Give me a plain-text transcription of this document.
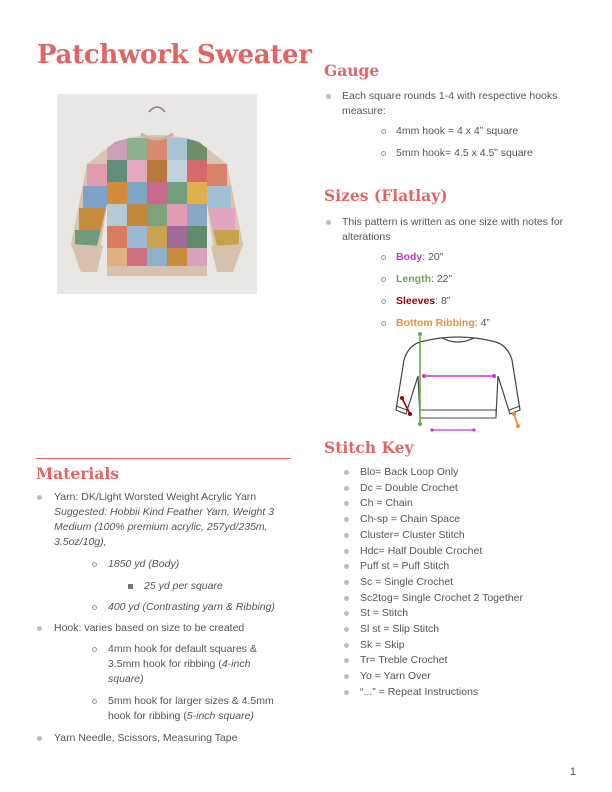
Patchwork Sweater
Gauge
Each square rounds 1-4 with respective hooks
measure:
4mm hook = 4 x 4” square
5mm hook= 4.5 x 4.5” square
Sizes (Flatlay)
This pattern is written as one size with notes for
alterations
Body: 20”
Length: 22”
Sleeves: 8”
Bottom Ribbing: 4”
Stitch Key
Blo= Back Loop Only
Dc = Double Crochet
Ch = Chain
Ch-sp = Chain Space
Cluster= Cluster Stitch
Hdc= Half Double Crochet
Puff st = Puff Stitch
Sc = Single Crochet
Sc2tog= Single Crochet 2 Together
St = Stitch
Sl st = Slip Stitch
Sk = Skip
Tr= Treble Crochet
Yo = Yarn Over
“...” = Repeat Instructions
Materials
Yarn: DK/Light Worsted Weight Acrylic Yarn
Suggested: Hobbii Kind Feather Yarn, Weight 3
Medium (100% premium acrylic, 257yd/235m,
3.5oz/10g),
1850 yd (Body)
25 yd per square
400 yd (Contrasting yarn & Ribbing)
Hook: varies based on size to be created
4mm hook for default squares &
3.5mm hook for ribbing (4-inch
square)
5mm hook for larger sizes & 4.5mm
hook for ribbing (5-inch square)
Yarn Needle, Scissors, Measuring Tape
1
